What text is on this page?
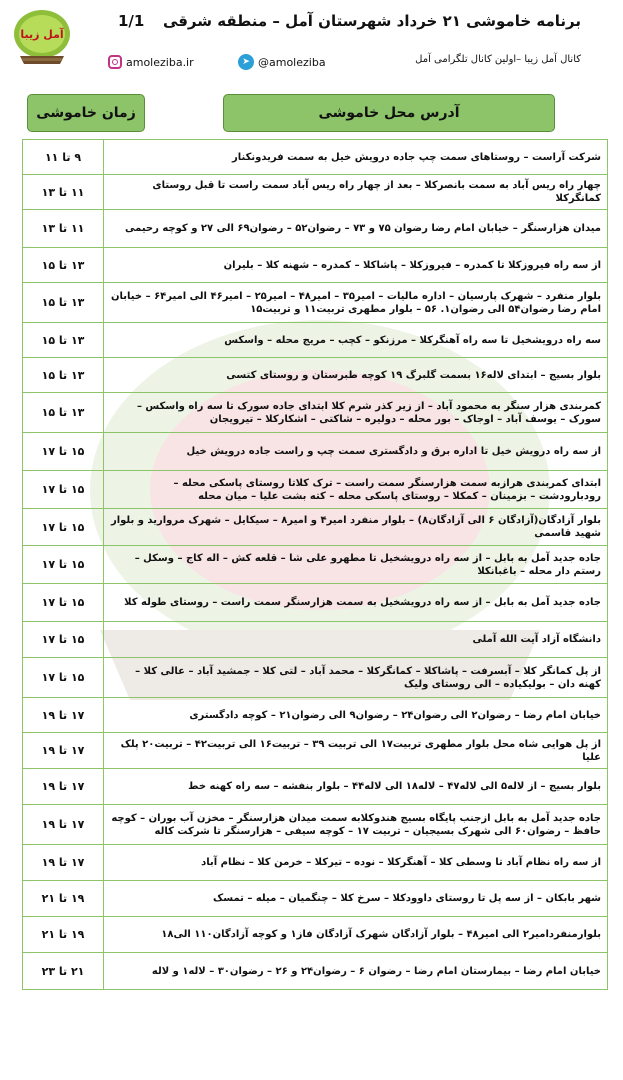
آمل زیبا
1/1 برنامه خاموشی ۲۱ خرداد شهرستان آمل – منطقه شرقی
amoleziba.ir	➤ @amoleziba	کانال آمل زیبا –اولین کانال تلگرامی آمل
آدرس محل خاموشی
زمان خاموشی
۹ تا ۱۱	شرکت آراست – روستاهای سمت چپ جاده درویش خیل به سمت فریدونکنار
۱۱ تا ۱۳	چهار راه ریس آباد به سمت بانصرکلا – بعد از چهار راه ریس آباد سمت راست تا قبل روستای کمانگرکلا
۱۱ تا ۱۳	میدان هزارسنگر – خیابان امام رضا رضوان ۷۵ و ۷۳ – رضوان۵۲ – رضوان۶۹ الی ۲۷ و کوچه رحیمی
۱۳ تا ۱۵	از سه راه فیروزکلا تا کمدره – فیروزکلا – پاشاکلا – کمدره – شهنه کلا – بلیران
۱۳ تا ۱۵	بلوار منفرد – شهرک پارسیان – اداره مالیات – امیر۳۵ – امیر۴۸ – امیر۲۵ – امیر۴۶ الی امیر۶۴ – خیابان امام رضا رضوان۵۴ الی رضوان۱. ۵۶ – بلوار مطهری تربیت۱۱ و تربیت۱۵
۱۳ تا ۱۵	سه راه درویشخیل تا سه راه آهنگرکلا – مرزنکو – کچب – مریج محله – واسکس
۱۳ تا ۱۵	بلوار بسیج – ابتدای لاله۱۶ بسمت گلبرگ ۱۹ کوچه طبرستان و روستای کتسی
۱۳ تا ۱۵	کمربندی هزار سنگر به محمود آباد – از زیر کذر شرم کلا ابتدای جاده سورک تا سه راه واسکس – سورک – یوسف آباد – اوجاک – بور محله – دولیره – شاکتی – اشکارکلا – تیرویجان
۱۵ تا ۱۷	از سه راه درویش خیل تا اداره برق و دادگستری سمت چپ و راست جاده درویش خیل
۱۵ تا ۱۷	ابتدای کمربندی هرازبه سمت هزارسنگر سمت راست – ترک کلاتا روستای پاسکی محله – رودبارودشت – بزمینان – کمکلا – روستای پاسکی محله – کته بشت علیا – میان محله
۱۵ تا ۱۷	بلوار آزادگان(آزادگان ۶ الی آزادگان۸) – بلوار منفرد امیر۴ و امیر۸ – سیکایل – شهرک مروارید و بلوار شهید قاسمی
۱۵ تا ۱۷	جاده جدید آمل به بابل – از سه راه درویشخیل تا مطهرو علی شا – قلعه کش – اله کاج – وسکل – رستم دار محله – باغبانکلا
۱۵ تا ۱۷	جاده جدید آمل به بابل – از سه راه درویشخیل به سمت هزارسنگر سمت راست – روستای طوله کلا
۱۵ تا ۱۷	دانشگاه آزاد آیت الله آملی
۱۵ تا ۱۷	از پل کمانگر کلا – آبسرفت – پاشاکلا – کمانگرکلا – محمد آباد – لتی کلا – جمشید آباد – عالی کلا – کهنه دان – بولیکیاده – الی روستای ولیک
۱۷ تا ۱۹	خیابان امام رضا – رضوان۲ الی رضوان۲۴ – رضوان۹ الی رضوان۲۱ – کوچه دادگستری
۱۷ تا ۱۹	از پل هوایی شاه محل بلوار مطهری تربیت۱۷ الی تربیت ۳۹ – تربیت۱۶ الی تربیت۴۲ – تربیت۲۰ پلک علیا
۱۷ تا ۱۹	بلوار بسیج – از لاله۵ الی لاله۴۷ – لاله۱۸ الی لاله۴۴ – بلوار بنفشه – سه راه کهنه خط
۱۷ تا ۱۹	جاده جدید آمل به بابل ازجنب پایگاه بسیج هندوکلابه سمت میدان هزارسنگر – مخزن آب بوران – کوچه حافظ – رضوان۶۰ الی شهرک بسیجیان – تربیت ۱۷ – کوچه سیفی – هزارسنگر تا شرکت کاله
۱۷ تا ۱۹	از سه راه نظام آباد تا وسطی کلا – آهنگرکلا – نوده – تیرکلا – خرمن کلا – نظام آباد
۱۹ تا ۲۱	شهر بابکان – از سه پل تا روستای داوودکلا – سرخ کلا – چنگمیان – میله – تمسک
۱۹ تا ۲۱	بلوارمنفردامیر۲ الی امیر۴۸ – بلوار آزادگان شهرک آزادگان فاز۱ و کوچه آزادگان۱۱۰ الی۱۸
۲۱ تا ۲۳	خیابان امام رضا – بیمارستان امام رضا – رضوان ۶ – رضوان۲۴ و ۲۶ – رضوان۳۰ – لاله۱ و لاله
